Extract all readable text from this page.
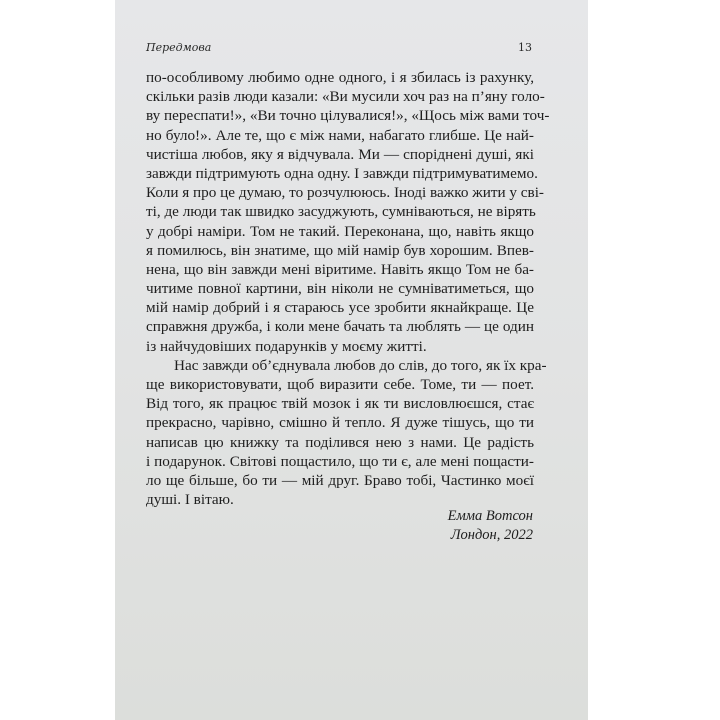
Передмова	13
по-особливому любимо одне одного, і я збилась із рахунку,
скільки разів люди казали: «Ви мусили хоч раз на п’яну голо-
ву переспати!», «Ви точно цілувалися!», «Щось між вами точ-
но було!». Але те, що є між нами, набагато глибше. Це най-
чистіша любов, яку я відчувала. Ми — споріднені душі, які
завжди підтримують одна одну. І завжди підтримуватимемо.
Коли я про це думаю, то розчулююсь. Іноді важко жити у сві-
ті, де люди так швидко засуджують, сумніваються, не вірять
у добрі наміри. Том не такий. Переконана, що, навіть якщо
я помилюсь, він знатиме, що мій намір був хорошим. Впев-
нена, що він завжди мені віритиме. Навіть якщо Том не ба-
читиме повної картини, він ніколи не сумніватиметься, що
мій намір добрий і я стараюсь усе зробити якнайкраще. Це
справжня дружба, і коли мене бачать та люблять — це один
із найчудовіших подарунків у моєму житті.
Нас завжди об’єднувала любов до слів, до того, як їх кра-
ще використовувати, щоб виразити себе. Томе, ти — поет.
Від того, як працює твій мозок і як ти висловлюєшся, стає
прекрасно, чарівно, смішно й тепло. Я дуже тішусь, що ти
написав цю книжку та поділився нею з нами. Це радість
і подарунок. Світові пощастило, що ти є, але мені пощасти-
ло ще більше, бо ти — мій друг. Браво тобі, Частинко моєї
душі. І вітаю.
Емма Вотсон
Лондон, 2022
